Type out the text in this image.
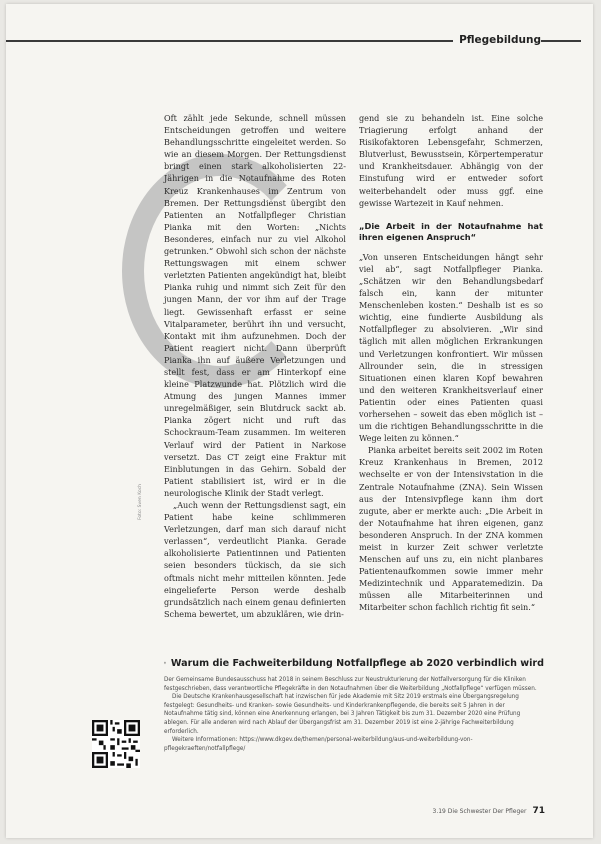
Pflegebildung

Oft zählt jede Sekunde, schnell müssen Entscheidungen getroffen und weitere Behandlungsschritte eingeleitet werden. So wie an diesem Morgen. Der Rettungsdienst bringt einen stark alkoholisierten 22-Jährigen in die Notaufnahme des Roten Kreuz Krankenhauses im Zentrum von Bremen. Der Rettungsdienst übergibt den Patienten an Notfallpfleger Christian Pianka mit den Worten: „Nichts Besonderes, einfach nur zu viel Alkohol getrunken.“ Obwohl sich schon der nächste Rettungswagen mit einem schwer verletzten Patienten angekündigt hat, bleibt Pianka ruhig und nimmt sich Zeit für den jungen Mann, der vor ihm auf der Trage liegt. Gewissenhaft erfasst er seine Vitalparameter, berührt ihn und versucht, Kontakt mit ihm aufzunehmen. Doch der Patient reagiert nicht. Dann überprüft Pianka ihn auf äußere Verletzungen und stellt fest, dass er am Hinterkopf eine kleine Platzwunde hat. Plötzlich wird die Atmung des jungen Mannes immer unregelmäßiger, sein Blutdruck sackt ab. Pianka zögert nicht und ruft das Schockraum-Team zusammen. Im weiteren Verlauf wird der Patient in Narkose versetzt. Das CT zeigt eine Fraktur mit Einblutungen in das Gehirn. Sobald der Patient stabilisiert ist, wird er in die neurologische Klinik der Stadt verlegt.

„Auch wenn der Rettungsdienst sagt, ein Patient habe keine schlimmeren Verletzungen, darf man sich darauf nicht verlassen“, verdeutlicht Pianka. Gerade alkoholisierte Patientinnen und Patienten seien besonders tückisch, da sie sich oftmals nicht mehr mitteilen könnten. Jede eingelieferte Person werde deshalb grundsätzlich nach einem genau definierten Schema bewertet, um abzuklären, wie drin-

gend sie zu behandeln ist. Eine solche Triagierung erfolgt anhand der Risikofaktoren Lebensgefahr, Schmerzen, Blutverlust, Bewusstsein, Körpertemperatur und Krankheitsdauer. Abhängig von der Einstufung wird er entweder sofort weiterbehandelt oder muss ggf. eine gewisse Wartezeit in Kauf nehmen.

„Die Arbeit in der Notaufnahme hat ihren eigenen Anspruch“

„Von unseren Entscheidungen hängt sehr viel ab“, sagt Notfallpfleger Pianka. „Schätzen wir den Behandlungsbedarf falsch ein, kann der mitunter Menschenleben kosten.“ Deshalb ist es so wichtig, eine fundierte Ausbildung als Notfallpfleger zu absolvieren. „Wir sind täglich mit allen möglichen Erkrankungen und Verletzungen konfrontiert. Wir müssen Allrounder sein, die in stressigen Situationen einen klaren Kopf bewahren und den weiteren Krankheitsverlauf einer Patientin oder eines Patienten quasi vorhersehen – soweit das eben möglich ist – um die richtigen Behandlungsschritte in die Wege leiten zu können.“

Pianka arbeitet bereits seit 2002 im Roten Kreuz Krankenhaus in Bremen, 2012 wechselte er von der Intensivstation in die Zentrale Notaufnahme (ZNA). Sein Wissen aus der Intensivpflege kann ihm dort zugute, aber er merkte auch: „Die Arbeit in der Notaufnahme hat ihren eigenen, ganz besonderen Anspruch. In der ZNA kommen meist in kurzer Zeit schwer verletzte Menschen auf uns zu, ein nicht planbares Patientenaufkommen sowie immer mehr Medizintechnik und Apparatemedizin. Da müssen alle Mitarbeiterinnen und Mitarbeiter schon fachlich richtig fit sein.“

Foto: Sven Koch
Warum die Fachweiterbildung Notfallpflege ab 2020 verbindlich wird

Der Gemeinsame Bundesausschuss hat 2018 in seinem Beschluss zur Neustrukturierung der Notfallversorgung für die Kliniken festgeschrieben, dass verantwortliche Pflegekräfte in den Notaufnahmen über die Weiterbildung „Notfallpflege“ verfügen müssen.

Die Deutsche Krankenhausgesellschaft hat inzwischen für jede Akademie mit Sitz 2019 erstmals eine Übergangsregelung festgelegt: Gesundheits- und Kranken- sowie Gesundheits- und Kinderkrankenpflegende, die bereits seit 5 Jahren in der Notaufnahme tätig sind, können eine Anerkennung erlangen, bei 3 Jahren Tätigkeit bis zum 31. Dezember 2020 eine Prüfung ablegen. Für alle anderen wird nach Ablauf der Übergangsfrist am 31. Dezember 2019 ist eine 2-jährige Fachweiterbildung erforderlich.

Weitere Informationen: https://www.dkgev.de/themen/personal-weiterbildung/aus-und-weiterbildung-von-pflegekraeften/notfallpflege/

3.19 Die Schwester Der Pfleger 71
